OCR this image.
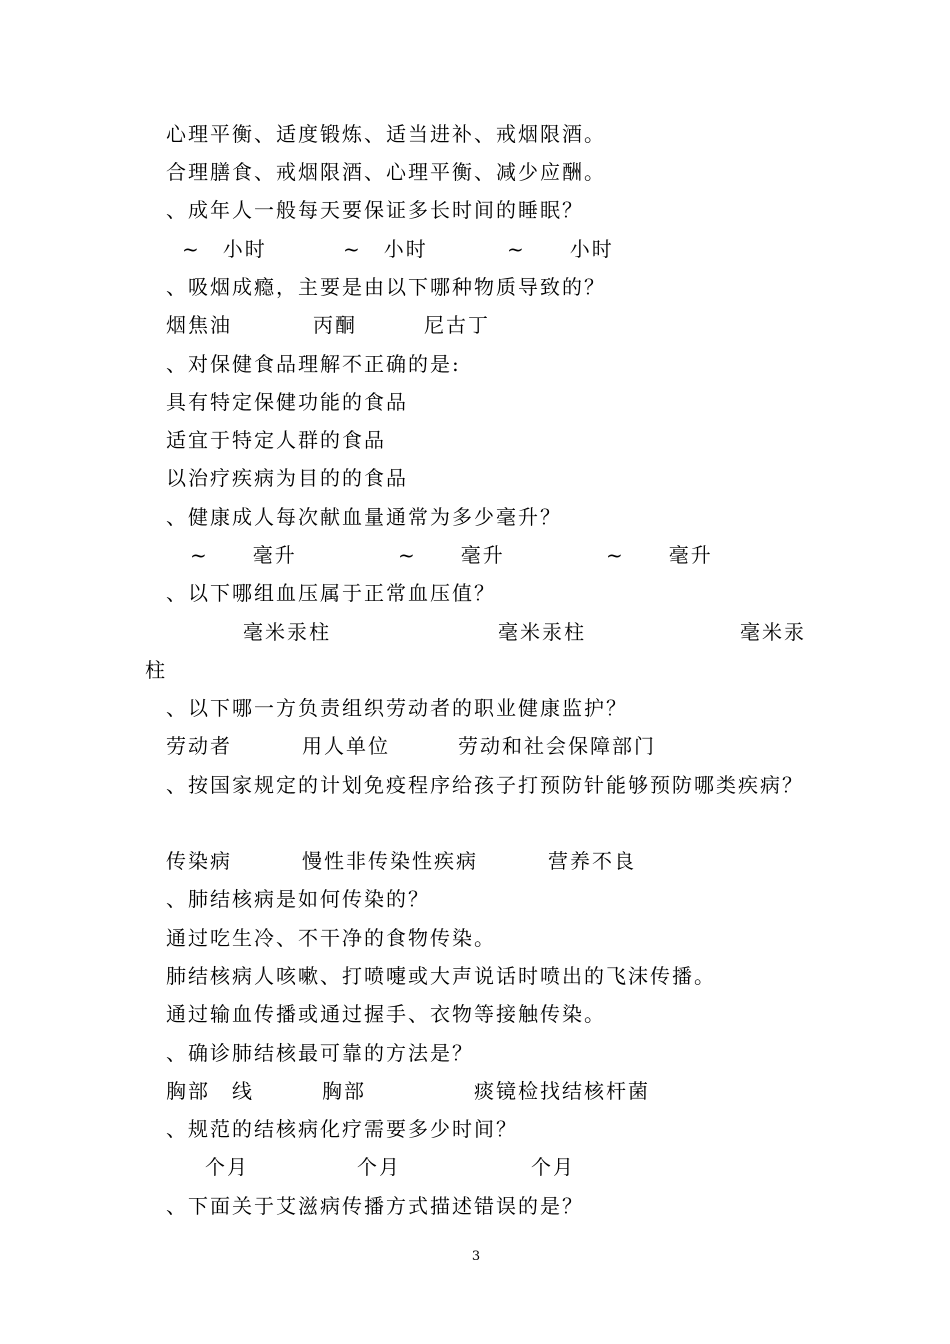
心理平衡、适度锻炼、适当进补、戒烟限酒。
合理膳食、戒烟限酒、心理平衡、减少应酬。
、成年人一般每天要保证多长时间的睡眠？
~　小时	~　小时	~　　小时
、吸烟成瘾，主要是由以下哪种物质导致的？
烟焦油	丙酮	尼古丁
、对保健食品理解不正确的是:
具有特定保健功能的食品
适宜于特定人群的食品
以治疗疾病为目的的食品
、健康成人每次献血量通常为多少毫升？
~　　毫升	~　　毫升	~　　毫升
、以下哪组血压属于正常血压值？
毫米汞柱	毫米汞柱	毫米汞
柱
、以下哪一方负责组织劳动者的职业健康监护？
劳动者	用人单位	劳动和社会保障部门
、按国家规定的计划免疫程序给孩子打预防针能够预防哪类疾病？
传染病	慢性非传染性疾病	营养不良
、肺结核病是如何传染的？
通过吃生冷、不干净的食物传染。
肺结核病人咳嗽、打喷嚏或大声说话时喷出的飞沫传播。
通过输血传播或通过握手、衣物等接触传染。
、确诊肺结核最可靠的方法是？
胸部　线	胸部	痰镜检找结核杆菌
、规范的结核病化疗需要多少时间？
个月	个月	个月
、下面关于艾滋病传播方式描述错误的是？
3
